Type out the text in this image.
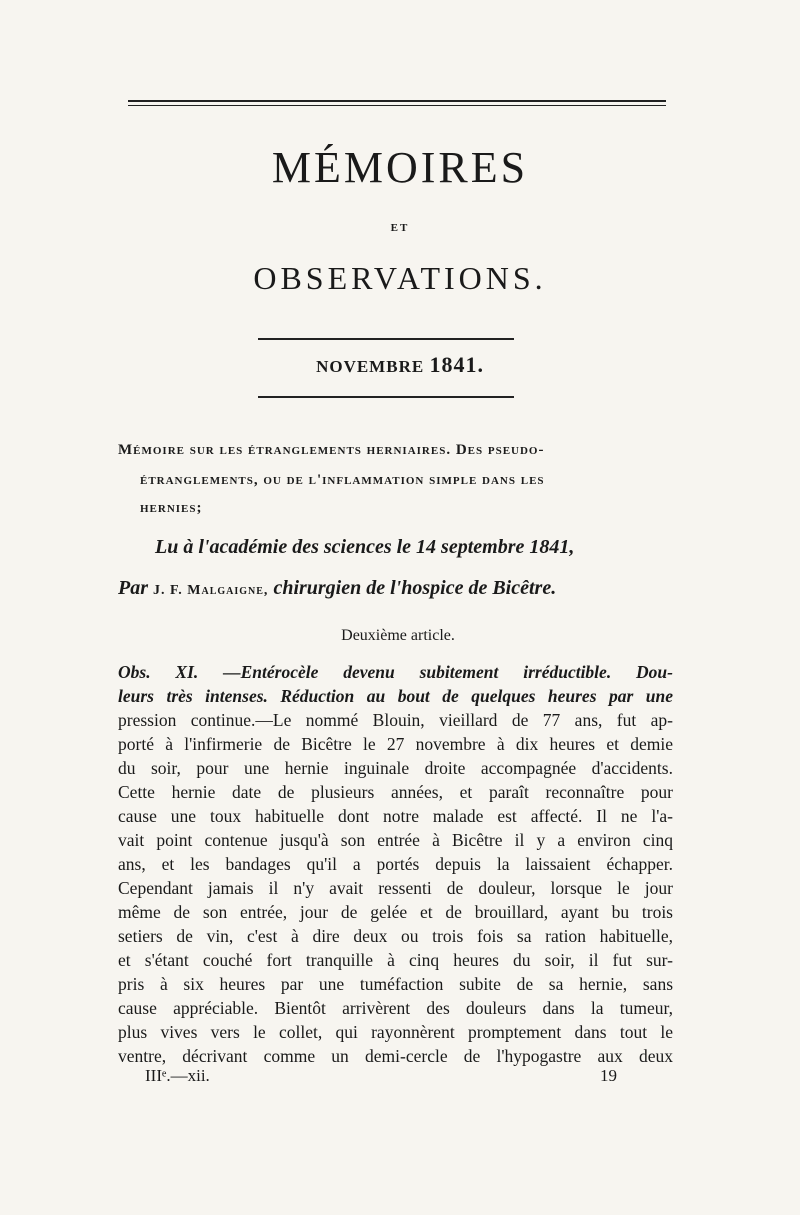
MÉMOIRES
ET
OBSERVATIONS.
NOVEMBRE 1841.
Mémoire sur les étranglements herniaires. Des pseudo-
étranglements, ou de l'inflammation simple dans les
hernies;
Lu à l'académie des sciences le 14 septembre 1841,
Par J. F. Malgaigne, chirurgien de l'hospice de Bicêtre.
Deuxième article.
Obs. XI. —Entérocèle devenu subitement irréductible. Dou-
leurs très intenses. Réduction au bout de quelques heures par une
pression continue.—Le nommé Blouin, vieillard de 77 ans, fut ap-
porté à l'infirmerie de Bicêtre le 27 novembre à dix heures et demie
du soir, pour une hernie inguinale droite accompagnée d'accidents.
Cette hernie date de plusieurs années, et paraît reconnaître pour
cause une toux habituelle dont notre malade est affecté. Il ne l'a-
vait point contenue jusqu'à son entrée à Bicêtre il y a environ cinq
ans, et les bandages qu'il a portés depuis la laissaient échapper.
Cependant jamais il n'y avait ressenti de douleur, lorsque le jour
même de son entrée, jour de gelée et de brouillard, ayant bu trois
setiers de vin, c'est à dire deux ou trois fois sa ration habituelle,
et s'étant couché fort tranquille à cinq heures du soir, il fut sur-
pris à six heures par une tuméfaction subite de sa hernie, sans
cause appréciable. Bientôt arrivèrent des douleurs dans la tumeur,
plus vives vers le collet, qui rayonnèrent promptement dans tout le
ventre, décrivant comme un demi-cercle de l'hypogastre aux deux
IIIᵉ.—xii.	19
